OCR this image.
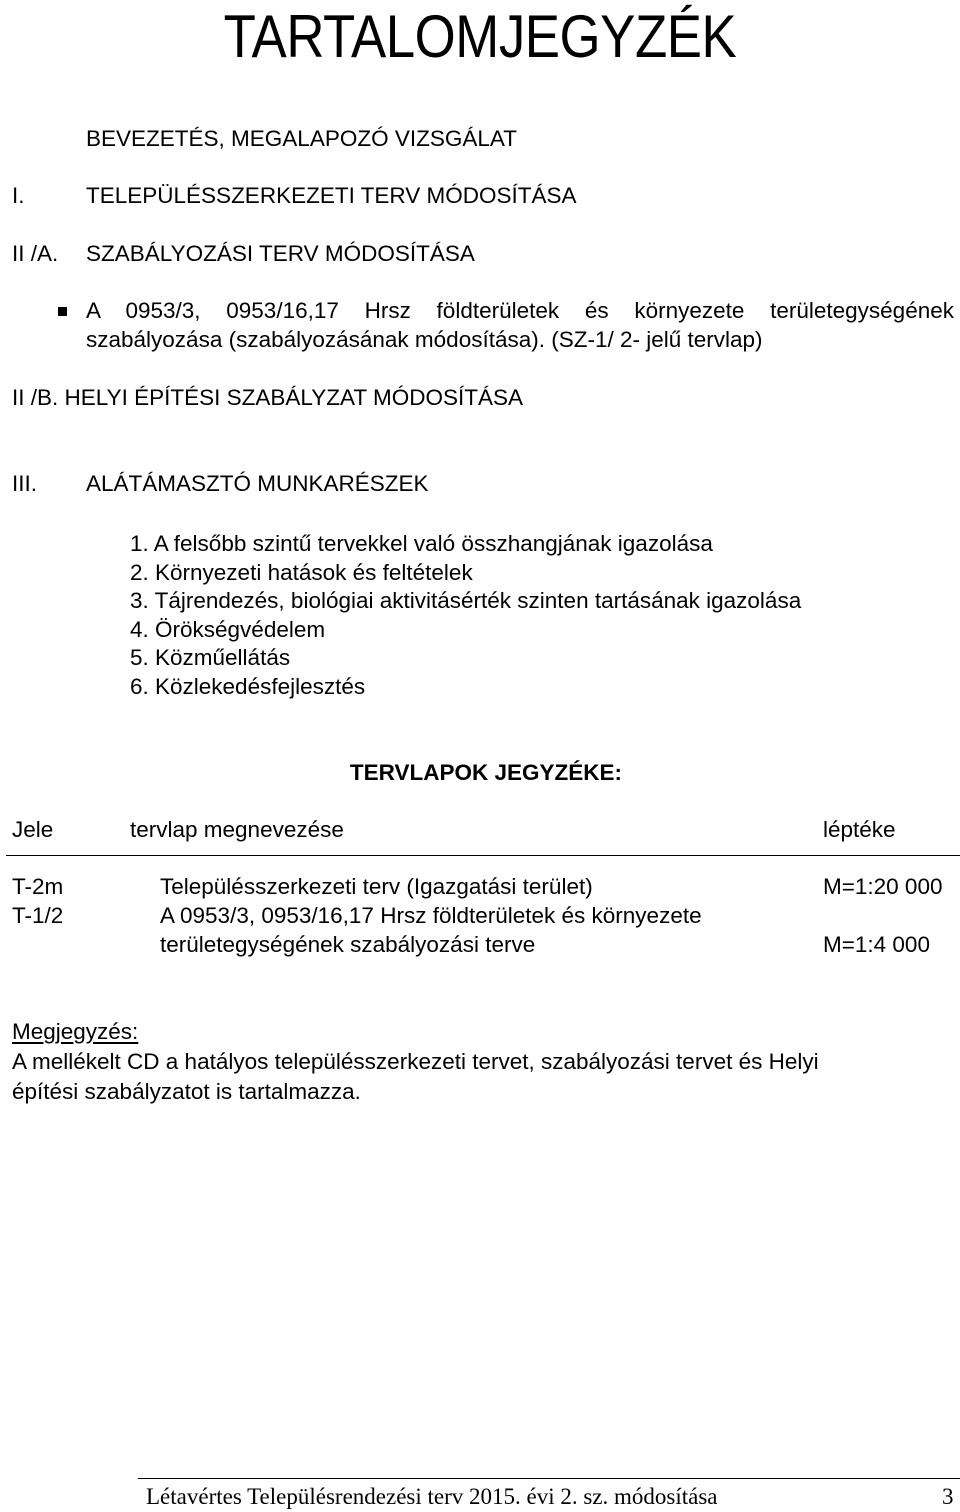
TARTALOMJEGYZÉK
BEVEZETÉS, MEGALAPOZÓ VIZSGÁLAT
I.	TELEPÜLÉSSZERKEZETI TERV MÓDOSÍTÁSA
II /A. SZABÁLYOZÁSI TERV MÓDOSÍTÁSA
A 0953/3, 0953/16,17 Hrsz földterületek és környezete területegységének
szabályozása (szabályozásának módosítása). (SZ-1/ 2- jelű tervlap)
II /B. HELYI ÉPÍTÉSI SZABÁLYZAT MÓDOSÍTÁSA
III. ALÁTÁMASZTÓ MUNKARÉSZEK
1. A felsőbb szintű tervekkel való összhangjának igazolása
2. Környezeti hatások és feltételek
3. Tájrendezés, biológiai aktivitásérték szinten tartásának igazolása
4. Örökségvédelem
5. Közműellátás
6. Közlekedésfejlesztés
TERVLAPOK JEGYZÉKE:
Jele	tervlap megnevezése	léptéke
T-2m	Településszerkezeti terv (Igazgatási terület)	M=1:20 000
T-1/2	A 0953/3, 0953/16,17 Hrsz földterületek és környezete
területegységének szabályozási terve	M=1:4 000
Megjegyzés:
A mellékelt CD a hatályos településszerkezeti tervet, szabályozási tervet és Helyi
építési szabályzatot is tartalmazza.
Létavértes Településrendezési terv 2015. évi 2. sz. módosítása	3
